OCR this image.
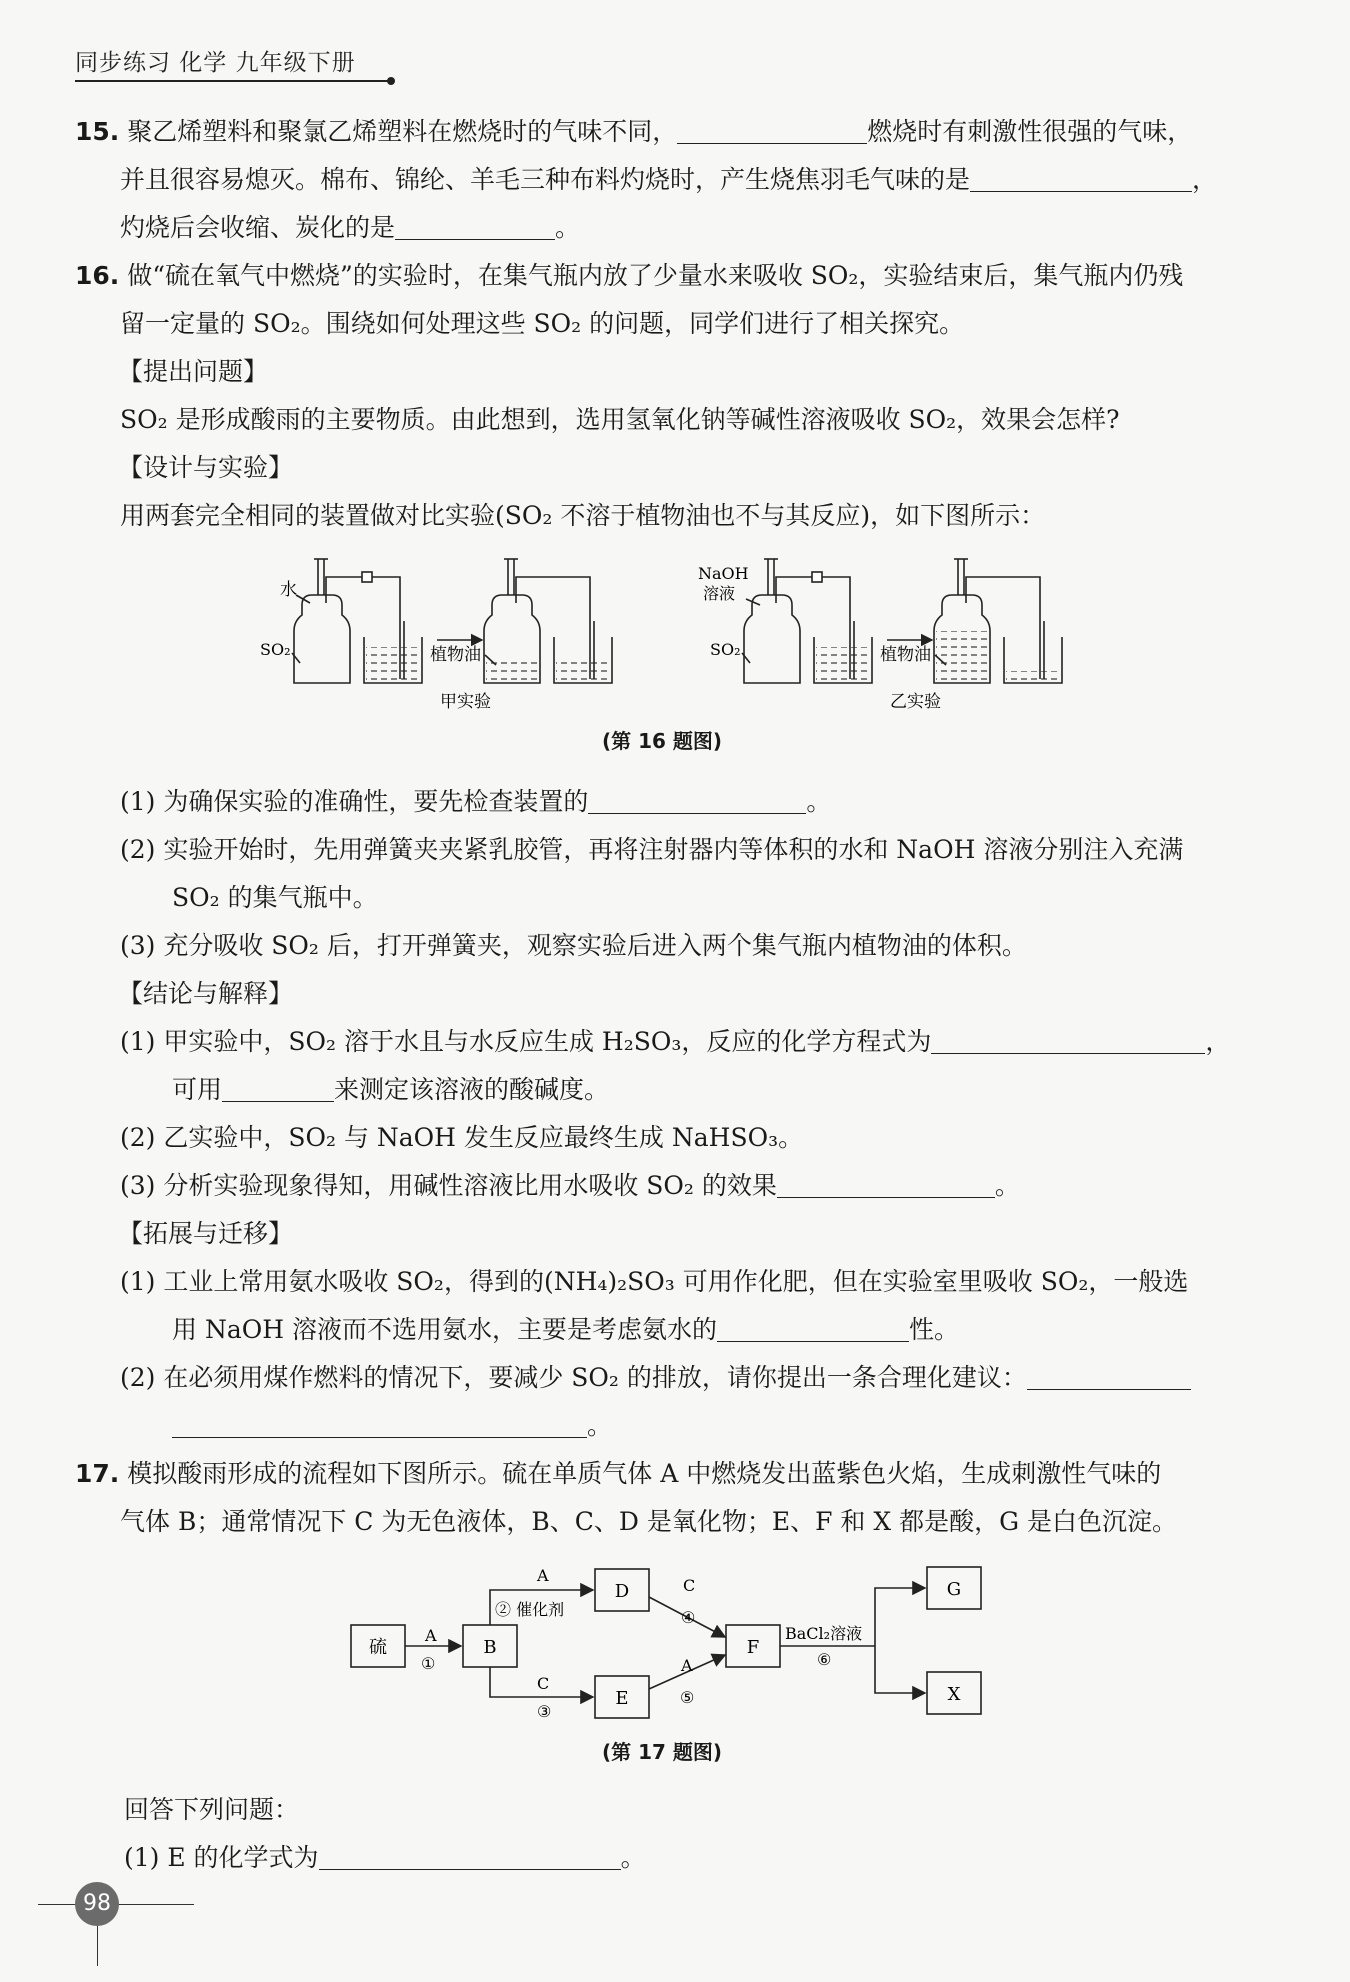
同步练习 化学 九年级下册
15. 聚乙烯塑料和聚氯乙烯塑料在燃烧时的气味不同，	燃烧时有刺激性很强的气味，
并且很容易熄灭。棉布、锦纶、羊毛三种布料灼烧时，产生烧焦羽毛气味的是	，
灼烧后会收缩、炭化的是	。
16. 做“硫在氧气中燃烧”的实验时，在集气瓶内放了少量水来吸收 SO₂，实验结束后，集气瓶内仍残
留一定量的 SO₂。围绕如何处理这些 SO₂ 的问题，同学们进行了相关探究。
【提出问题】
SO₂ 是形成酸雨的主要物质。由此想到，选用氢氧化钠等碱性溶液吸收 SO₂，效果会怎样?
【设计与实验】
用两套完全相同的装置做对比实验(SO₂ 不溶于植物油也不与其反应)，如下图所示：
水
SO₂	植物油
甲实验
NaOH
溶液
SO₂	植物油
乙实验
(第 16 题图)
(1) 为确保实验的准确性，要先检查装置的	。
(2) 实验开始时，先用弹簧夹夹紧乳胶管，再将注射器内等体积的水和 NaOH 溶液分别注入充满
SO₂ 的集气瓶中。
(3) 充分吸收 SO₂ 后，打开弹簧夹，观察实验后进入两个集气瓶内植物油的体积。
【结论与解释】
(1) 甲实验中，SO₂ 溶于水且与水反应生成 H₂SO₃，反应的化学方程式为	，
可用	来测定该溶液的酸碱度。
(2) 乙实验中，SO₂ 与 NaOH 发生反应最终生成 NaHSO₃。
(3) 分析实验现象得知，用碱性溶液比用水吸收 SO₂ 的效果	。
【拓展与迁移】
(1) 工业上常用氨水吸收 SO₂，得到的(NH₄)₂SO₃ 可用作化肥，但在实验室里吸收 SO₂，一般选
用 NaOH 溶液而不选用氨水，主要是考虑氨水的	性。
(2) 在必须用煤作燃料的情况下，要减少 SO₂ 的排放，请你提出一条合理化建议：
。
17. 模拟酸雨形成的流程如下图所示。硫在单质气体 A 中燃烧发出蓝紫色火焰，生成刺激性气味的
气体 B；通常情况下 C 为无色液体，B、C、D 是氧化物；E、F 和 X 都是酸，G 是白色沉淀。
硫	B
D
E
F
G
X
A
①
A
② 催化剂
C
③
C
④
A
⑤
BaCl₂溶液
⑥
(第 17 题图)
回答下列问题：
(1) E 的化学式为	。
98
